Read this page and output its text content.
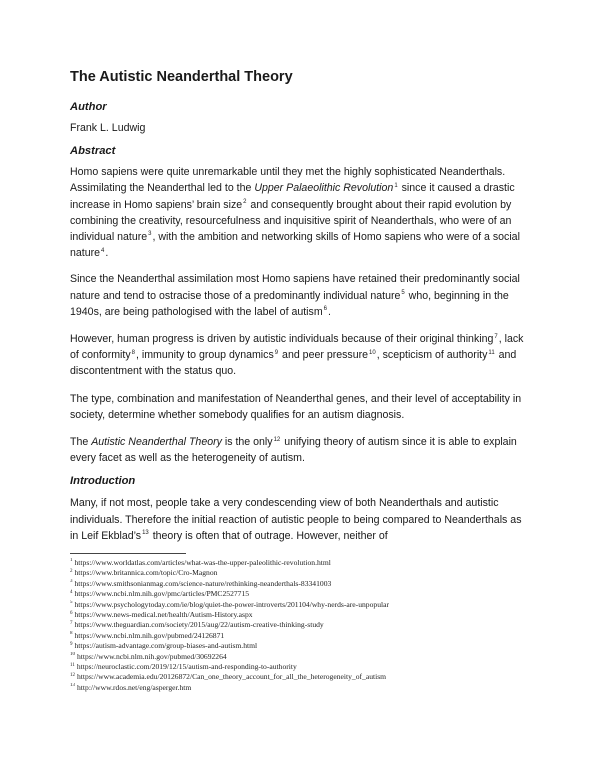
The Autistic Neanderthal Theory
Author

Frank L. Ludwig

Abstract

Homo sapiens were quite unremarkable until they met the highly sophisticated Neanderthals. Assimilating the Neanderthal led to the Upper Palaeolithic Revolution$^1$ since it caused a drastic increase in Homo sapiens’ brain size$^2$ and consequently brought about their rapid evolution by combining the creativity, resourcefulness and inquisitive spirit of Neanderthals, who were of an individual nature$^3$, with the ambition and networking skills of Homo sapiens who were of a social nature$^4$.

Since the Neanderthal assimilation most Homo sapiens have retained their predominantly social nature and tend to ostracise those of a predominantly individual nature$^5$ who, beginning in the 1940s, are being pathologised with the label of autism$^6$.

However, human progress is driven by autistic individuals because of their original thinking$^7$, lack of conformity$^8$, immunity to group dynamics$^9$ and peer pressure$^{10}$, scepticism of authority$^{11}$ and discontentment with the status quo.

The type, combination and manifestation of Neanderthal genes, and their level of acceptability in society, determine whether somebody qualifies for an autism diagnosis.

The Autistic Neanderthal Theory is the only$^{12}$ unifying theory of autism since it is able to explain every facet as well as the heterogeneity of autism.

Introduction

Many, if not most, people take a very condescending view of both Neanderthals and autistic individuals. Therefore the initial reaction of autistic people to being compared to Neanderthals as in Leif $Ekblad’s^{13}$ theory is often that of outrage. However, neither of

$^1$ https://www.worldatlas.com/articles/what-was-the-upper-paleolithic-revolution.html
$^2$ https://www.britannica.com/topic/Cro-Magnon
$^3$ https://www.smithsonianmag.com/science-nature/rethinking-neanderthals-83341003
$^4$ https://www.ncbi.nlm.nih.gov/pmc/articles/PMC2527715
$^5$ https://www.psychologytoday.com/ie/blog/quiet-the-power-introverts/201104/why-nerds-are-unpopular
$^6$ https://www.news-medical.net/health/Autism-History.aspx
$^7$ https://www.theguardian.com/society/2015/aug/22/autism-creative-thinking-study
$^8$ https://www.ncbi.nlm.nih.gov/pubmed/24126871
$^9$ https://autism-advantage.com/group-biases-and-autism.html
$^{10}$ https://www.ncbi.nlm.nih.gov/pubmed/30692264
$^{11}$ https://neuroclastic.com/2019/12/15/autism-and-responding-to-authority
$^{12}$ https://www.academia.edu/20126872/Can_one_theory_account_for_all_the_heterogeneity_of_autism
$^{13}$ http://www.rdos.net/eng/asperger.htm
